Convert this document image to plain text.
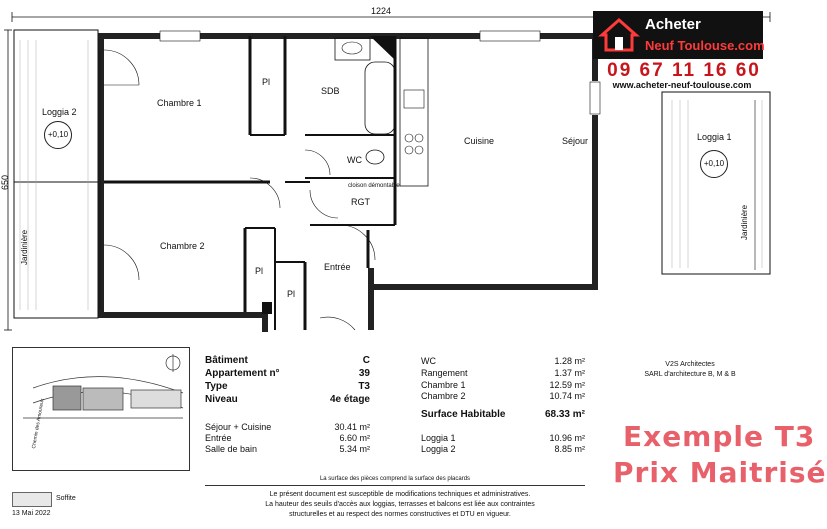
1224
650
Loggia 2
+0,10
Jardinière
Chambre 1
Chambre 2
Pl
SDB
WC
cloison démontable
RGT
Cuisine	Séjour
Entrée
Pl
Pl
Loggia 1
+0,10
Jardinière
Acheter
Neuf Toulouse.com
09 67 11 16 60
www.acheter-neuf-toulouse.com
Chemin des Amoureux
Bâtiment	C
Appartement n°	39
Type	T3
Niveau	4e étage
Séjour + Cuisine	30.41 m²
Entrée	6.60 m²
Salle de bain	5.34 m²
WC	1.28 m²
Rangement	1.37 m²
Chambre 1	12.59 m²
Chambre 2	10.74 m²
Surface Habitable	68.33 m²
Loggia 1	10.96 m²
Loggia 2	8.85 m²
La surface des pièces comprend la surface des placards
V2S Architectes
SARL d'architecture B, M & B
Exemple T3
Prix Maitrisé
Soffite
13 Mai 2022
Le présent document est susceptible de modifications techniques et administratives.
La hauteur des seuils d'accès aux loggias, terrasses et balcons est liée aux contraintes
structurelles et au respect des normes constructives et DTU en vigueur.
